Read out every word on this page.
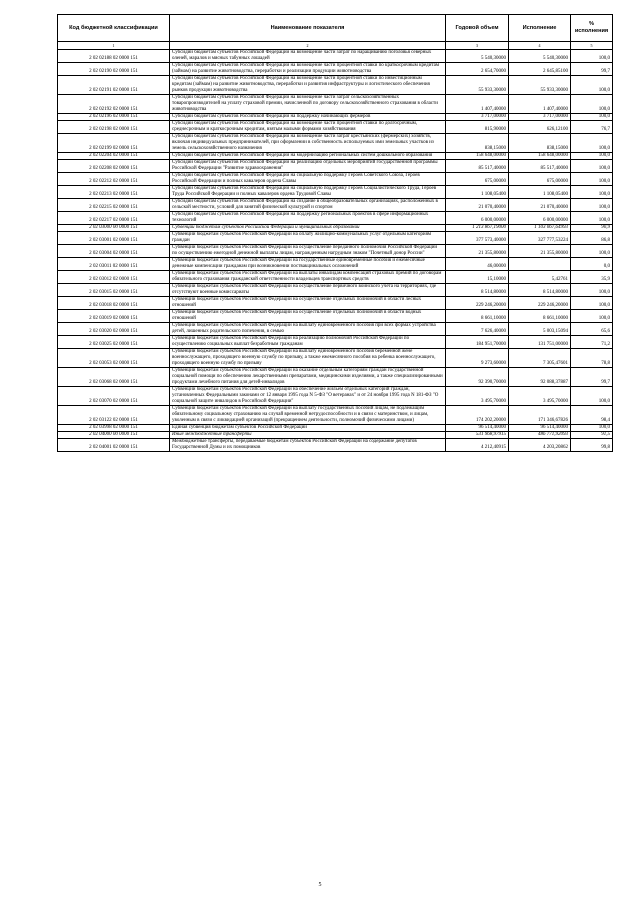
Код бюджетной классификации	Наименование показателя	Годовой объем	Исполнение	% исполнения
1	2	3	4	5
2 02 02188 02 0000 151	Субсидии бюджетам субъектов Российской Федерации на возмещение части затрат по наращиванию поголовья северных оленей, маралов и мясных табунных лошадей	5 540,30000	5 540,30000	100,0
2 02 02190 02 0000 151	Субсидии бюджетам субъектов Российской Федерации на возмещение части процентной ставки по краткосрочным кредитам (займам) на развитие животноводства, переработки и реализации продукции животноводства	2 654,70000	2 645,85100	99,7
2 02 02191 02 0000 151	Субсидии бюджетам субъектов Российской Федерации на возмещение части процентной ставки по инвестиционным кредитам (займам) на развитие животноводства, переработки и развития инфраструктуры и логистического обеспечения рынков продукции животноводства	55 933,30000	55 933,30000	100,0
2 02 02192 02 0000 151	Субсидии бюджетам субъектов Российской Федерации на возмещение части затрат сельскохозяйственных товаропроизводителей на уплату страховой премии, начисленной по договору сельскохозяйственного страхования в области животноводства	1 407,40000	1 407,40000	100,0
2 02 02196 02 0000 151	Субсидии бюджетам субъектов Российской Федерации на поддержку начинающих фермеров	3 717,00000	3 717,00000	100,0
2 02 02198 02 0000 151	Субсидии бюджетам субъектов Российской Федерации на возмещение части процентной ставки по долгосрочным, среднесрочным и краткосрочным кредитам, взятым малыми формами хозяйствования	815,90000	626,12100	76,7
2 02 02199 02 0000 151	Субсидии бюджетам субъектов Российской Федерации на возмещение части затрат крестьянских (фермерских) хозяйств, включая индивидуальных предпринимателей, при оформлении в собственность используемых ими земельных участков из земель сельскохозяйственного назначения	838,15000	838,15000	100,0
2 02 02204 02 0000 151	Субсидии бюджетам субъектов Российской Федерации на модернизацию региональных систем дошкольного образования	158 648,00000	158 648,00000	100,0
2 02 02208 02 0000 151	Субсидии бюджетам субъектов Российской Федерации на реализацию отдельных мероприятий государственной программы Российской Федерации "Развитие здравоохранения"	85 517,40000	85 517,40000	100,0
2 02 02212 02 0000 151	Субсидии бюджетам субъектов Российской Федерации на социальную поддержку Героев Советского Союза, Героев Российской Федерации и полных кавалеров ордена Славы	675,00000	675,00000	100,0
2 02 02213 02 0000 151	Субсидии бюджетам субъектов Российской Федерации на социальную поддержку Героев Социалистического Труда, Героев Труда Российской Федерации и полных кавалеров ордена Трудовой Славы	1 108,05400	1 108,05400	100,0
2 02 02215 02 0000 151	Субсидии бюджетам субъектов Российской Федерации на создание в общеобразовательных организациях, расположенных в сельской местности, условий для занятий физической культурой и спортом	21 070,40000	21 070,40000	100,0
2 02 02217 02 0000 151	Субсидии бюджетам субъектов Российской Федерации на поддержку региональных проектов в сфере информационных технологий	6 000,00000	6 000,00000	100,0
2 02 03000 00 0000 151	Субвенции бюджетам субъектов Российской Федерации и муниципальных образований	1 213 867,19000	1 103 067,64993	90,9
2 02 03001 02 0000 151	Субвенции бюджетам субъектов Российской Федерации на оплату жилищно-коммунальных услуг отдельным категориям граждан	377 573,40000	327 777,53224	86,8
2 02 03004 02 0000 151	Субвенции бюджетам субъектов Российской Федерации на осуществление переданного полномочия Российской Федерации по осуществлению ежегодной денежной выплаты лицам, награжденным нагрудным знаком "Почетный донор России"	21 355,80000	21 355,80000	100,0
2 02 03011 02 0000 151	Субвенции бюджетам субъектов Российской Федерации на государственные единовременные пособия и ежемесячные денежные компенсации гражданам при возникновении поствакцинальных осложнений	46,00000		0,0
2 02 03012 02 0000 151	Субвенции бюджетам субъектов Российской Федерации на выплаты инвалидам компенсаций страховых премий по договорам обязательного страхования гражданской ответственности владельцев транспортных средств	15,10000	5,42761	35,9
2 02 03015 02 0000 151	Субвенции бюджетам субъектов Российской Федерации на осуществление первичного воинского учета на территориях, где отсутствуют военные комиссариаты	8 514,80000	8 514,80000	100,0
2 02 03018 02 0000 151	Субвенции бюджетам субъектов Российской Федерации на осуществление отдельных полномочий в области лесных отношений	229 246,20000	229 246,20000	100,0
2 02 03019 02 0000 151	Субвенции бюджетам субъектов Российской Федерации на осуществление отдельных полномочий в области водных отношений	8 661,10000	8 661,10000	100,0
2 02 03020 02 0000 151	Субвенции бюджетам субъектов Российской Федерации на выплату единовременного пособия при всех формах устройства детей, лишенных родительского попечения, в семью	7 626,40000	5 003,15094	65,6
2 02 03025 02 0000 151	Субвенции бюджетам субъектов Российской Федерации на реализацию полномочий Российской Федерации по осуществлению социальных выплат безработным гражданам	184 951,70000	131 751,00000	71,2
2 02 03053 02 0000 151	Субвенции бюджетам субъектов Российской Федерации на выплату единовременного пособия беременной жене военнослужащего, проходящего военную службу по призыву, а также ежемесячного пособия на ребенка военнослужащего, проходящего военную службу по призыву	9 273,60000	7 305,47601	78,8
2 02 03068 02 0000 151	Субвенции бюджетам субъектов Российской Федерации на оказание отдельным категориям граждан государственной социальной помощи по обеспечению лекарственными препаратами, медицинскими изделиями, а также специализированными продуктами лечебного питания для детей-инвалидов	92 390,70000	92 088,37887	99,7
2 02 03070 02 0000 151	Субвенции бюджетам субъектов Российской Федерации на обеспечение жильем отдельных категорий граждан, установленных Федеральными законами от 12 января 1995 года N 5-ФЗ "О ветеранах" и от 24 ноября 1995 года N 181-ФЗ "О социальной защите инвалидов в Российской Федерации"	3 495,70000	3 495,70000	100,0
2 02 03122 02 0000 151	Субвенции бюджетам субъектов Российской Федерации на выплату государственных пособий лицам, не подлежащим обязательному социальному страхованию на случай временной нетрудоспособности и в связи с материнством, и лицам, уволенным в связи с ликвидацией организаций (прекращением деятельности, полномочий физическими лицами)	174 202,20000	171 346,67826	98,4
2 02 03998 02 0000 151	Единая субвенция бюджетам субъектов Российской Федерации	96 514,40000	96 514,40000	100,0
2 02 04000 00 0000 151	Иные межбюджетные трансферты	531 968,97915	486 771,92093	91,5
2 02 04001 02 0000 151	Межбюджетные трансферты, передаваемые бюджетам субъектов Российской Федерации на содержание депутатов Государственной Думы и их помощников	4 212,40915	4 203,20862	99,8
5
